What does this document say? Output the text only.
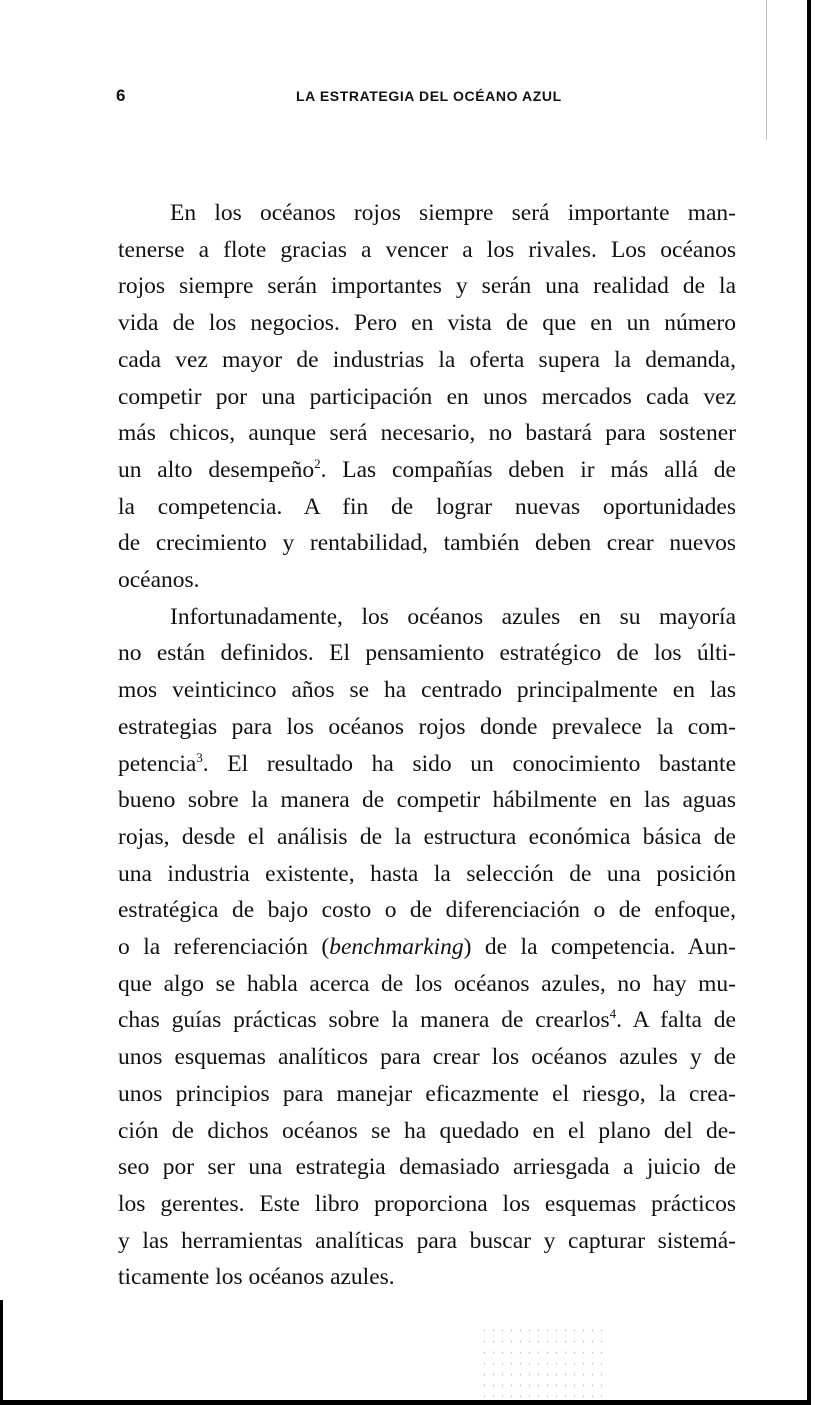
6	LA ESTRATEGIA DEL OCÉANO AZUL
En los océanos rojos siempre será importante man-
tenerse a flote gracias a vencer a los rivales. Los océanos
rojos siempre serán importantes y serán una realidad de la
vida de los negocios. Pero en vista de que en un número
cada vez mayor de industrias la oferta supera la demanda,
competir por una participación en unos mercados cada vez
más chicos, aunque será necesario, no bastará para sostener
un alto desempeño$^2$. Las compañías deben ir más allá de
la competencia. A fin de lograr nuevas oportunidades
de crecimiento y rentabilidad, también deben crear nuevos
océanos.
Infortunadamente, los océanos azules en su mayoría
no están definidos. El pensamiento estratégico de los últi-
mos veinticinco años se ha centrado principalmente en las
estrategias para los océanos rojos donde prevalece la com-
petencia$^3$. El resultado ha sido un conocimiento bastante
bueno sobre la manera de competir hábilmente en las aguas
rojas, desde el análisis de la estructura económica básica de
una industria existente, hasta la selección de una posición
estratégica de bajo costo o de diferenciación o de enfoque,
o la referenciación (benchmarking) de la competencia. Aun-
que algo se habla acerca de los océanos azules, no hay mu-
chas guías prácticas sobre la manera de crearlos$^4$. A falta de
unos esquemas analíticos para crear los océanos azules y de
unos principios para manejar eficazmente el riesgo, la crea-
ción de dichos océanos se ha quedado en el plano del de-
seo por ser una estrategia demasiado arriesgada a juicio de
los gerentes. Este libro proporciona los esquemas prácticos
y las herramientas analíticas para buscar y capturar sistemá-
ticamente los océanos azules.
